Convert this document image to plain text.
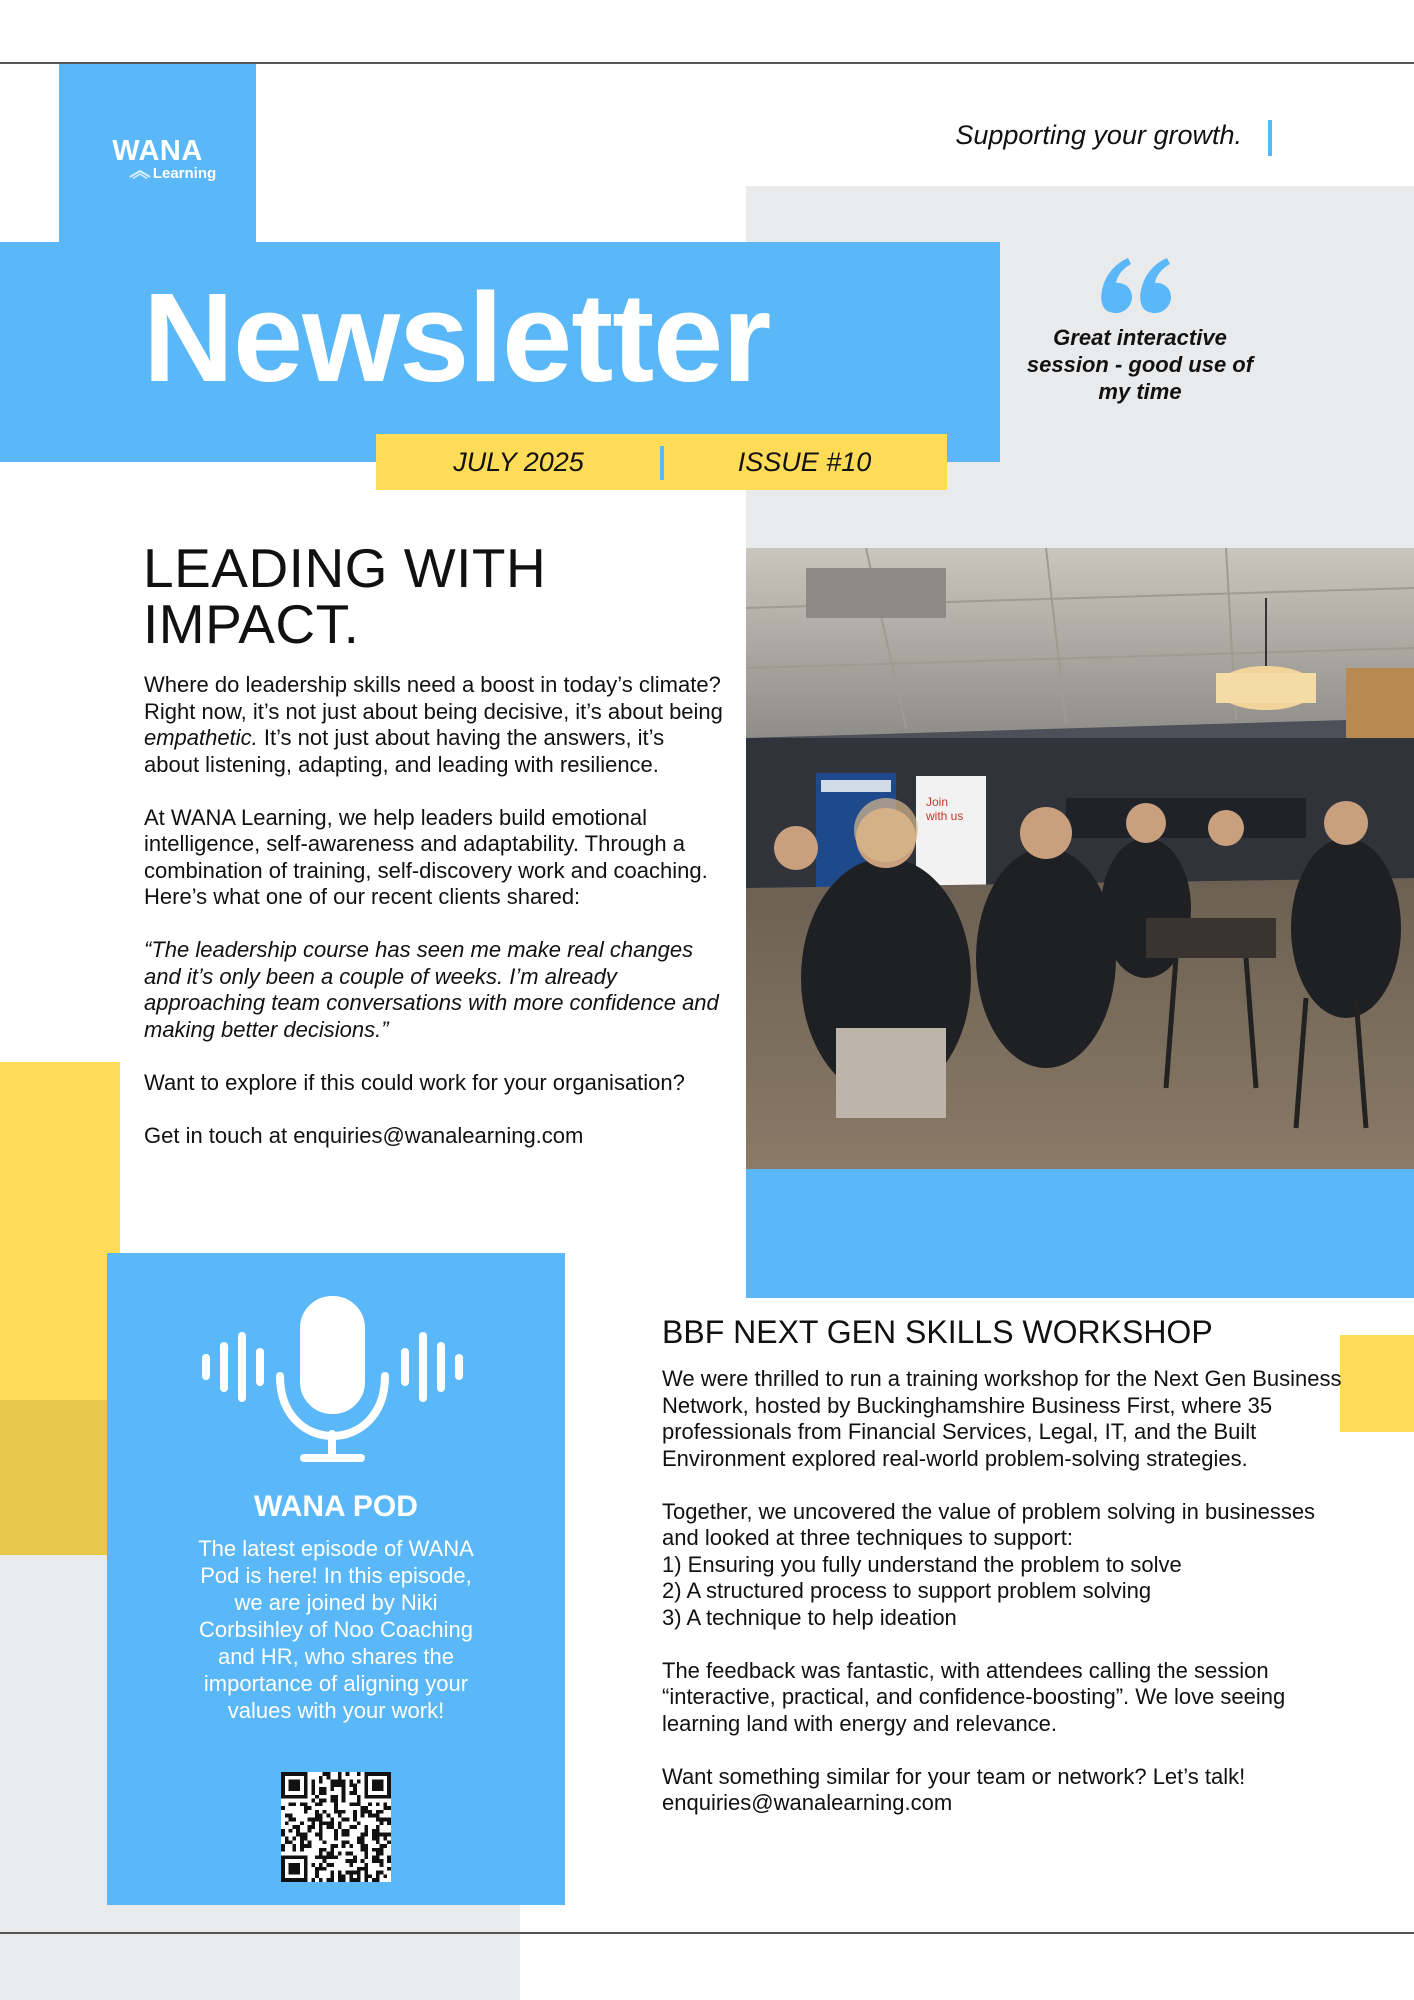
WANA
Learning
Supporting your growth.
Newsletter
JULY 2025	ISSUE #10
Great interactive session - good use of my time
LEADING WITH
IMPACT.

Where do leadership skills need a boost in today’s climate? Right now, it’s not just about being decisive, it’s about being empathetic. It’s not just about having the answers, it’s about listening, adapting, and leading with resilience.

At WANA Learning, we help leaders build emotional intelligence, self-awareness and adaptability. Through a combination of training, self-discovery work and coaching. Here’s what one of our recent clients shared:

“The leadership course has seen me make real changes and it’s only been a couple of weeks. I’m already approaching team conversations with more confidence and making better decisions.”

Want to explore if this could work for your organisation?

Get in touch at enquiries@wanalearning.com

Join
with us
WANA POD
The latest episode of WANA Pod is here! In this episode, we are joined by Niki Corbsihley of Noo Coaching and HR, who shares the importance of aligning your values with your work!
BBF NEXT GEN SKILLS WORKSHOP

We were thrilled to run a training workshop for the Next Gen Business Network, hosted by Buckinghamshire Business First, where 35 professionals from Financial Services, Legal, IT, and the Built Environment explored real-world problem-solving strategies.

Together, we uncovered the value of problem solving in businesses and looked at three techniques to support:
1) Ensuring you fully understand the problem to solve
2) A structured process to support problem solving
3) A technique to help ideation

The feedback was fantastic, with attendees calling the session “interactive, practical, and confidence-boosting”. We love seeing learning land with energy and relevance.

Want something similar for your team or network? Let’s talk!
enquiries@wanalearning.com
